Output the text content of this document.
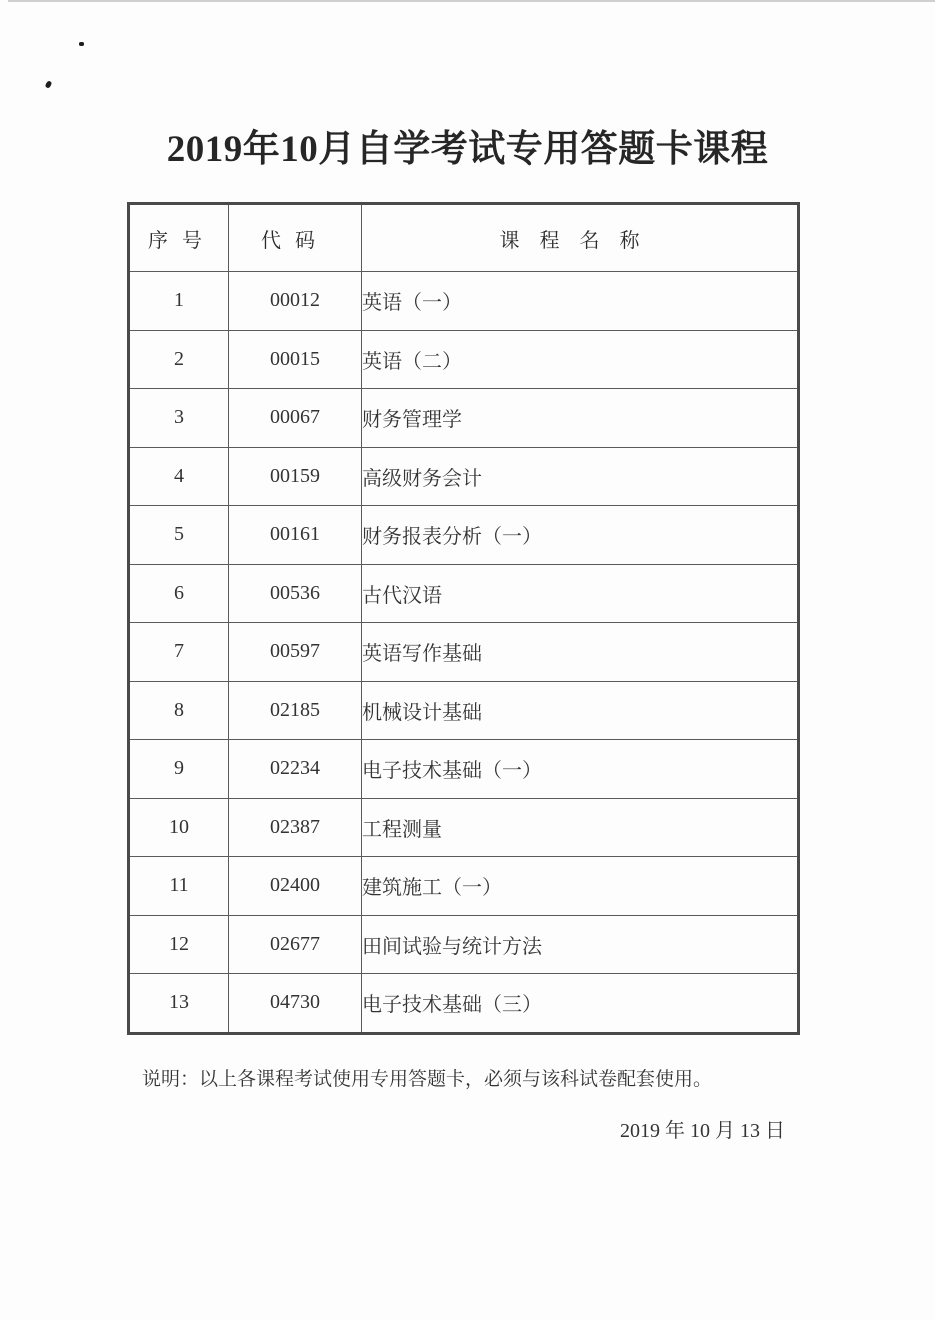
2019年10月自学考试专用答题卡课程
序号	代码	课程名称
1	00012	英语（一）
2	00015	英语（二）
3	00067	财务管理学
4	00159	高级财务会计
5	00161	财务报表分析（一）
6	00536	古代汉语
7	00597	英语写作基础
8	02185	机械设计基础
9	02234	电子技术基础（一）
10	02387	工程测量
11	02400	建筑施工（一）
12	02677	田间试验与统计方法
13	04730	电子技术基础（三）
说明：以上各课程考试使用专用答题卡，必须与该科试卷配套使用。
2019 年 10 月 13 日
